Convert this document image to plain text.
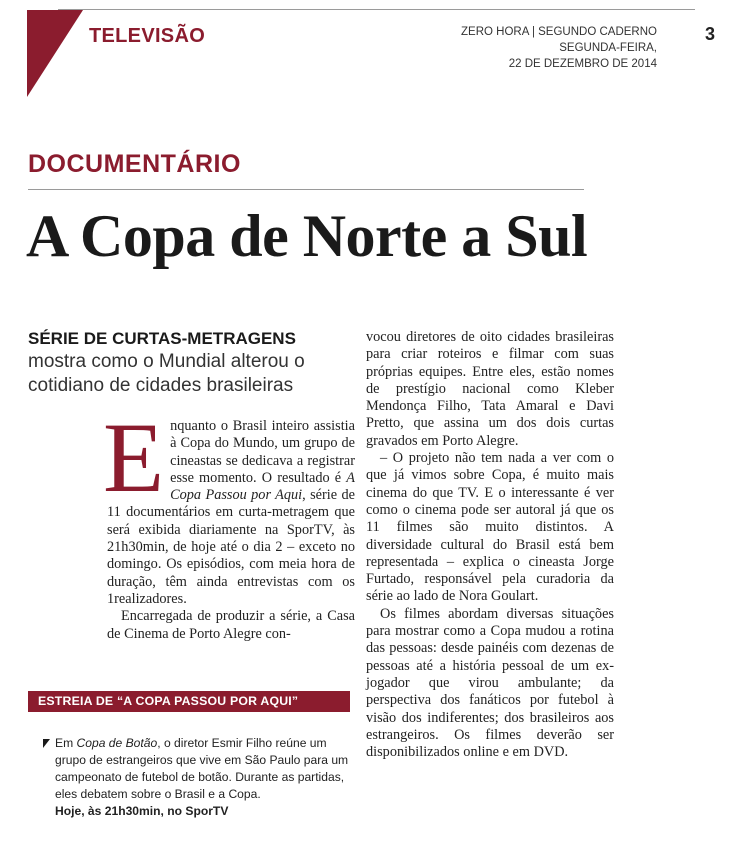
TELEVISÃO	ZERO HORA | SEGUNDO CADERNO
SEGUNDA-FEIRA,
22 DE DEZEMBRO DE 2014
3
DOCUMENTÁRIO
A Copa de Norte a Sul
SÉRIE DE CURTAS-METRAGENS
mostra como o Mundial alterou o cotidiano de cidades brasileiras

Enquanto o Brasil inteiro assistia à Copa do Mundo, um grupo de cineastas se dedicava a registrar esse momento. O resultado é A Copa Passou por Aqui, série de 11 documentários em curta-metragem que será exibida diariamente na SporTV, às 21h30min, de hoje até o dia 2 – exceto no domingo. Os episódios, com meia hora de duração, têm ainda entrevistas com os 1realizadores.

Encarregada de produzir a série, a Casa de Cinema de Porto Alegre con-

vocou diretores de oito cidades brasileiras para criar roteiros e filmar com suas próprias equipes. Entre eles, estão nomes de prestígio nacional como Kleber Mendonça Filho, Tata Amaral e Davi Pretto, que assina um dos dois curtas gravados em Porto Alegre.

– O projeto não tem nada a ver com o que já vimos sobre Copa, é muito mais cinema do que TV. E o interessante é ver como o cinema pode ser autoral já que os 11 filmes são muito distintos. A diversidade cultural do Brasil está bem representada – explica o cineasta Jorge Furtado, responsável pela curadoria da série ao lado de Nora Goulart.

Os filmes abordam diversas situações para mostrar como a Copa mudou a rotina das pessoas: desde painéis com dezenas de pessoas até a história pessoal de um ex-jogador que virou ambulante; da perspectiva dos fanáticos por futebol à visão dos indiferentes; dos brasileiros aos estrangeiros. Os filmes deverão ser disponibilizados online e em DVD.

ESTREIA DE “A COPA PASSOU POR AQUI”
Em Copa de Botão, o diretor Esmir Filho reúne um grupo de estrangeiros que vive em São Paulo para um campeonato de futebol de botão. Durante as partidas, eles debatem sobre o Brasil e a Copa.
Hoje, às 21h30min, no SporTV
